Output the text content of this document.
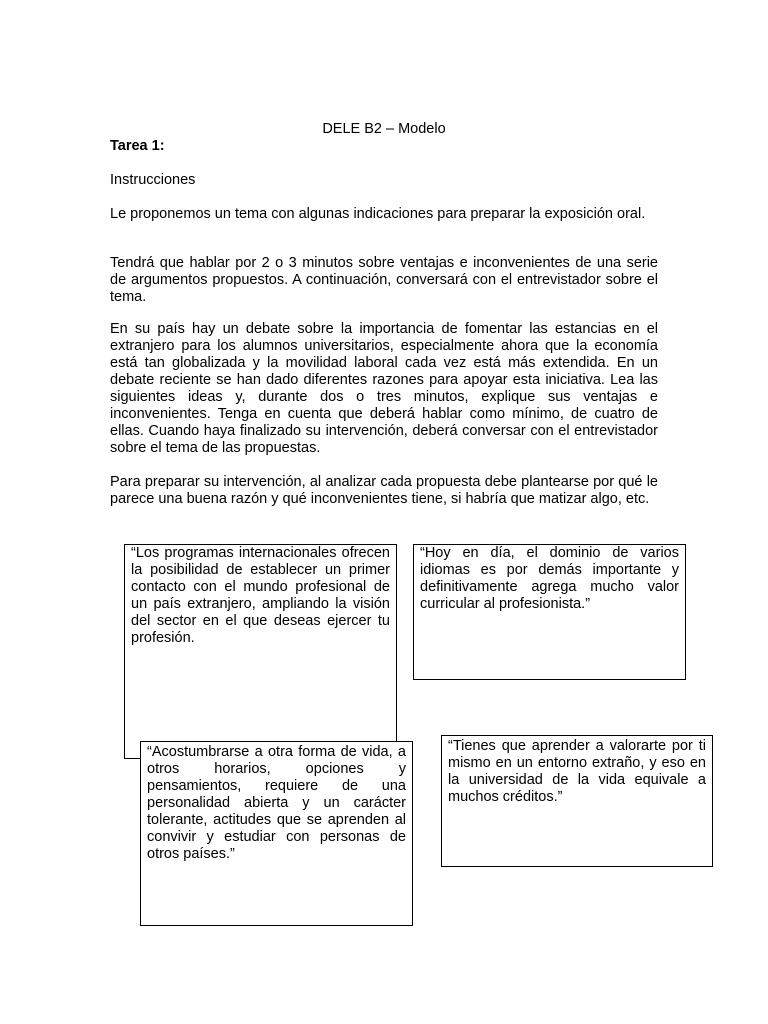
DELE B2 – Modelo

Tarea 1:

Instrucciones

Le proponemos un tema con algunas indicaciones para preparar la exposición oral.

Tendrá que hablar por 2 o 3 minutos sobre ventajas e inconvenientes de una serie de argumentos propuestos. A continuación, conversará con el entrevistador sobre el tema.

En su país hay un debate sobre la importancia de fomentar las estancias en el extranjero para los alumnos universitarios, especialmente ahora que la economía está tan globalizada y la movilidad laboral cada vez está más extendida. En un debate reciente se han dado diferentes razones para apoyar esta iniciativa. Lea las siguientes ideas y, durante dos o tres minutos, explique sus ventajas e inconvenientes. Tenga en cuenta que deberá hablar como mínimo, de cuatro de ellas. Cuando haya finalizado su intervención, deberá conversar con el entrevistador sobre el tema de las propuestas.

Para preparar su intervención, al analizar cada propuesta debe plantearse por qué le parece una buena razón y qué inconvenientes tiene, si habría que matizar algo, etc.

“Los programas internacionales ofrecen la posibilidad de establecer un primer contacto con el mundo profesional de un país extranjero, ampliando la visión del sector en el que deseas ejercer tu profesión.

“Hoy en día, el dominio de varios idiomas es por demás importante y definitivamente agrega mucho valor curricular al profesionista.”

“Acostumbrarse a otra forma de vida, a otros horarios, opciones y pensamientos, requiere de una personalidad abierta y un carácter tolerante, actitudes que se aprenden al convivir y estudiar con personas de otros países.”

“Tienes que aprender a valorarte por ti mismo en un entorno extraño, y eso en la universidad de la vida equivale a muchos créditos.”
